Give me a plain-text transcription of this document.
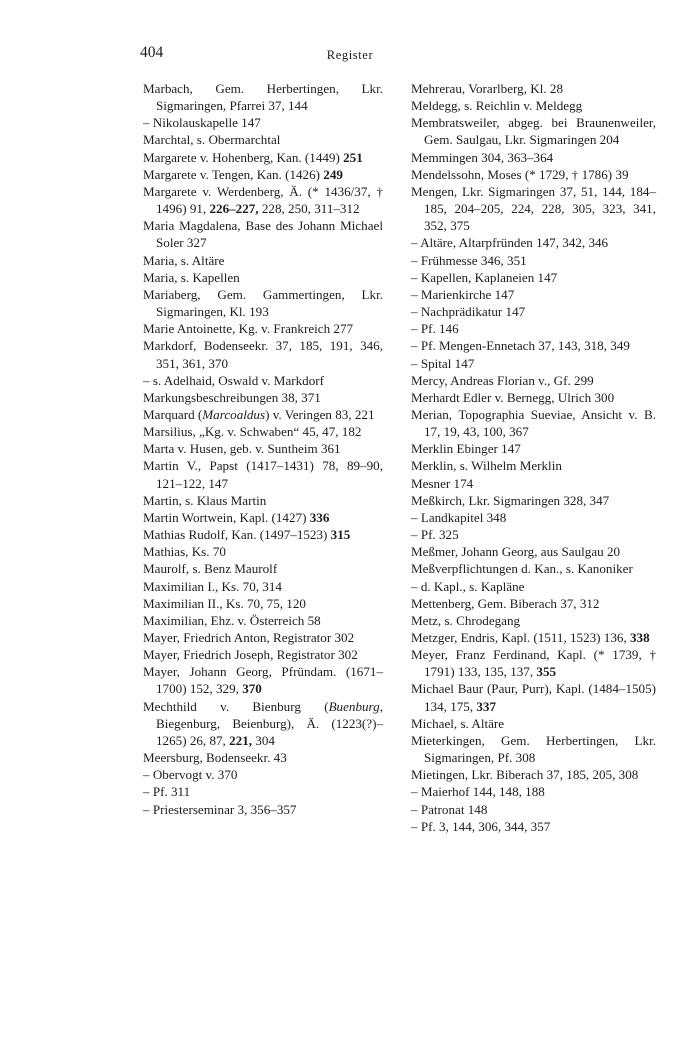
404	Register
Marbach, Gem. Herbertingen, Lkr. Sigmaringen, Pfarrei 37, 144
– Nikolauskapelle 147
Marchtal, s. Obermarchtal
Margarete v. Hohenberg, Kan. (1449) 251
Margarete v. Tengen, Kan. (1426) 249
Margarete v. Werdenberg, Ä. (* 1436/37, † 1496) 91, 226–227, 228, 250, 311–312
Maria Magdalena, Base des Johann Michael Soler 327
Maria, s. Altäre
Maria, s. Kapellen
Mariaberg, Gem. Gammertingen, Lkr. Sigmaringen, Kl. 193
Marie Antoinette, Kg. v. Frankreich 277
Markdorf, Bodenseekr. 37, 185, 191, 346, 351, 361, 370
– s. Adelhaid, Oswald v. Markdorf
Markungsbeschreibungen 38, 371
Marquard (Marcoaldus) v. Veringen 83, 221
Marsilius, „Kg. v. Schwaben“ 45, 47, 182
Marta v. Husen, geb. v. Suntheim 361
Martin V., Papst (1417–1431) 78, 89–90, 121–122, 147
Martin, s. Klaus Martin
Martin Wortwein, Kapl. (1427) 336
Mathias Rudolf, Kan. (1497–1523) 315
Mathias, Ks. 70
Maurolf, s. Benz Maurolf
Maximilian I., Ks. 70, 314
Maximilian II., Ks. 70, 75, 120
Maximilian, Ehz. v. Österreich 58
Mayer, Friedrich Anton, Registrator 302
Mayer, Friedrich Joseph, Registrator 302
Mayer, Johann Georg, Pfründam. (1671–1700) 152, 329, 370
Mechthild v. Bienburg (Buenburg, Biegenburg, Beienburg), Ä. (1223(?)–1265) 26, 87, 221, 304
Meersburg, Bodenseekr. 43
– Obervogt v. 370
– Pf. 311
– Priesterseminar 3, 356–357
Mehrerau, Vorarlberg, Kl. 28
Meldegg, s. Reichlin v. Meldegg
Membratsweiler, abgeg. bei Braunenweiler, Gem. Saulgau, Lkr. Sigmaringen 204
Memmingen 304, 363–364
Mendelssohn, Moses (* 1729, † 1786) 39
Mengen, Lkr. Sigmaringen 37, 51, 144, 184–185, 204–205, 224, 228, 305, 323, 341, 352, 375
– Altäre, Altarpfründen 147, 342, 346
– Frühmesse 346, 351
– Kapellen, Kaplaneien 147
– Marienkirche 147
– Nachprädikatur 147
– Pf. 146
– Pf. Mengen-Ennetach 37, 143, 318, 349
– Spital 147
Mercy, Andreas Florian v., Gf. 299
Merhardt Edler v. Bernegg, Ulrich 300
Merian, Topographia Sueviae, Ansicht v. B. 17, 19, 43, 100, 367
Merklin Ebinger 147
Merklin, s. Wilhelm Merklin
Mesner 174
Meßkirch, Lkr. Sigmaringen 328, 347
– Landkapitel 348
– Pf. 325
Meßmer, Johann Georg, aus Saulgau 20
Meßverpflichtungen d. Kan., s. Kanoniker
– d. Kapl., s. Kapläne
Mettenberg, Gem. Biberach 37, 312
Metz, s. Chrodegang
Metzger, Endris, Kapl. (1511, 1523) 136, 338
Meyer, Franz Ferdinand, Kapl. (* 1739, † 1791) 133, 135, 137, 355
Michael Baur (Paur, Purr), Kapl. (1484–1505) 134, 175, 337
Michael, s. Altäre
Mieterkingen, Gem. Herbertingen, Lkr. Sigmaringen, Pf. 308
Mietingen, Lkr. Biberach 37, 185, 205, 308
– Maierhof 144, 148, 188
– Patronat 148
– Pf. 3, 144, 306, 344, 357
